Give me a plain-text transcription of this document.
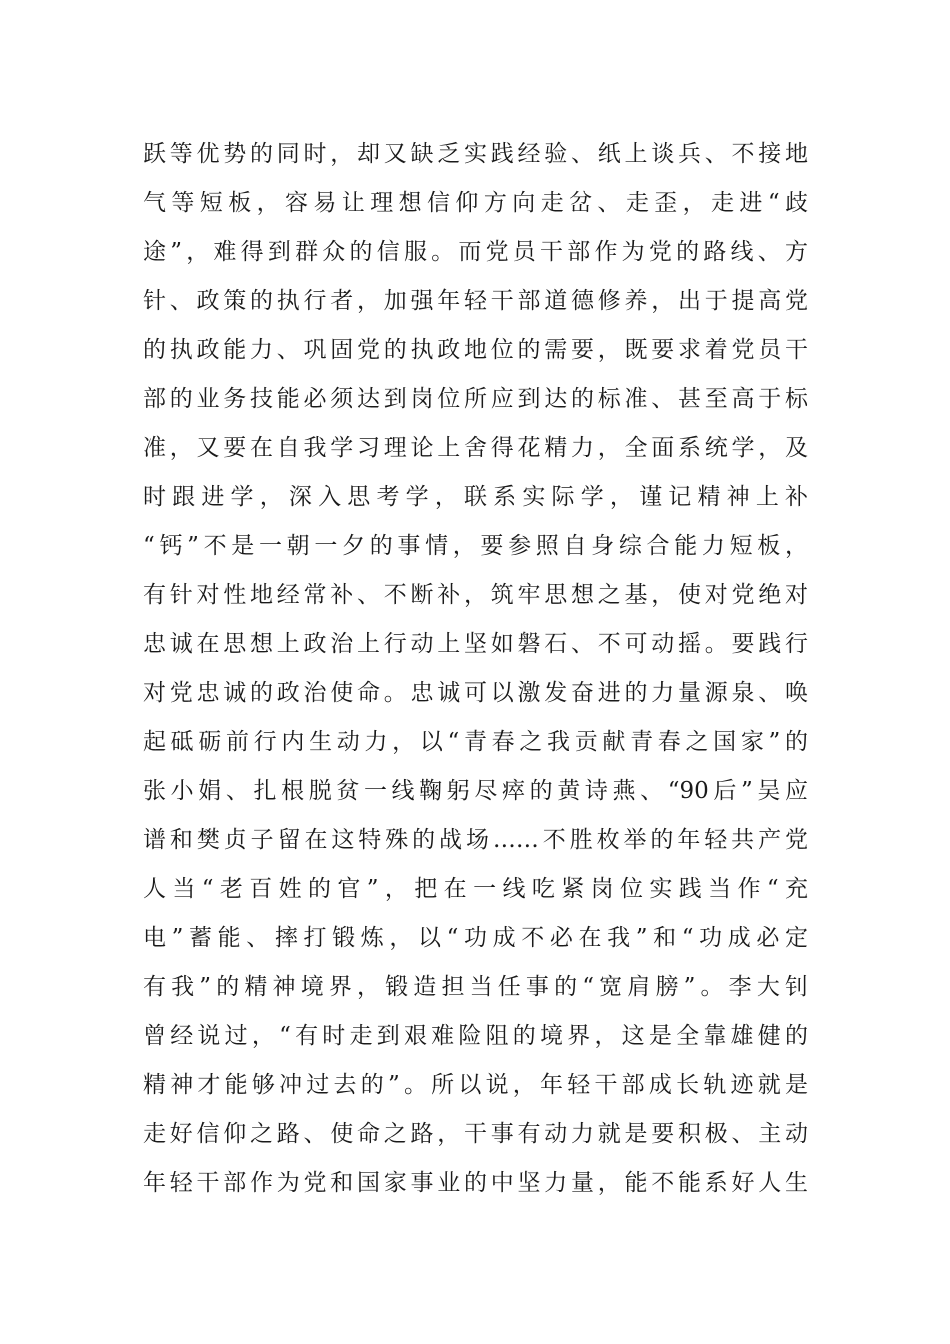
跃等优势的同时，却又缺乏实践经验、纸上谈兵、不接地
气等短板，容易让理想信仰方向走岔、走歪，走进“歧
途”，难得到群众的信服。而党员干部作为党的路线、方
针、政策的执行者，加强年轻干部道德修养，出于提高党
的执政能力、巩固党的执政地位的需要，既要求着党员干
部的业务技能必须达到岗位所应到达的标准、甚至高于标
准，又要在自我学习理论上舍得花精力，全面系统学，及
时跟进学，深入思考学，联系实际学，谨记精神上补
“钙”不是一朝一夕的事情，要参照自身综合能力短板，
有针对性地经常补、不断补，筑牢思想之基，使对党绝对
忠诚在思想上政治上行动上坚如磐石、不可动摇。要践行
对党忠诚的政治使命。忠诚可以激发奋进的力量源泉、唤
起砥砺前行内生动力，以“青春之我贡献青春之国家”的
张小娟、扎根脱贫一线鞠躬尽瘁的黄诗燕、“90后”吴应
谱和樊贞子留在这特殊的战场……不胜枚举的年轻共产党
人当“老百姓的官”，把在一线吃紧岗位实践当作“充
电”蓄能、摔打锻炼，以“功成不必在我”和“功成必定
有我”的精神境界，锻造担当任事的“宽肩膀”。李大钊
曾经说过，“有时走到艰难险阻的境界，这是全靠雄健的
精神才能够冲过去的”。所以说，年轻干部成长轨迹就是
走好信仰之路、使命之路，干事有动力就是要积极、主动
年轻干部作为党和国家事业的中坚力量，能不能系好人生
